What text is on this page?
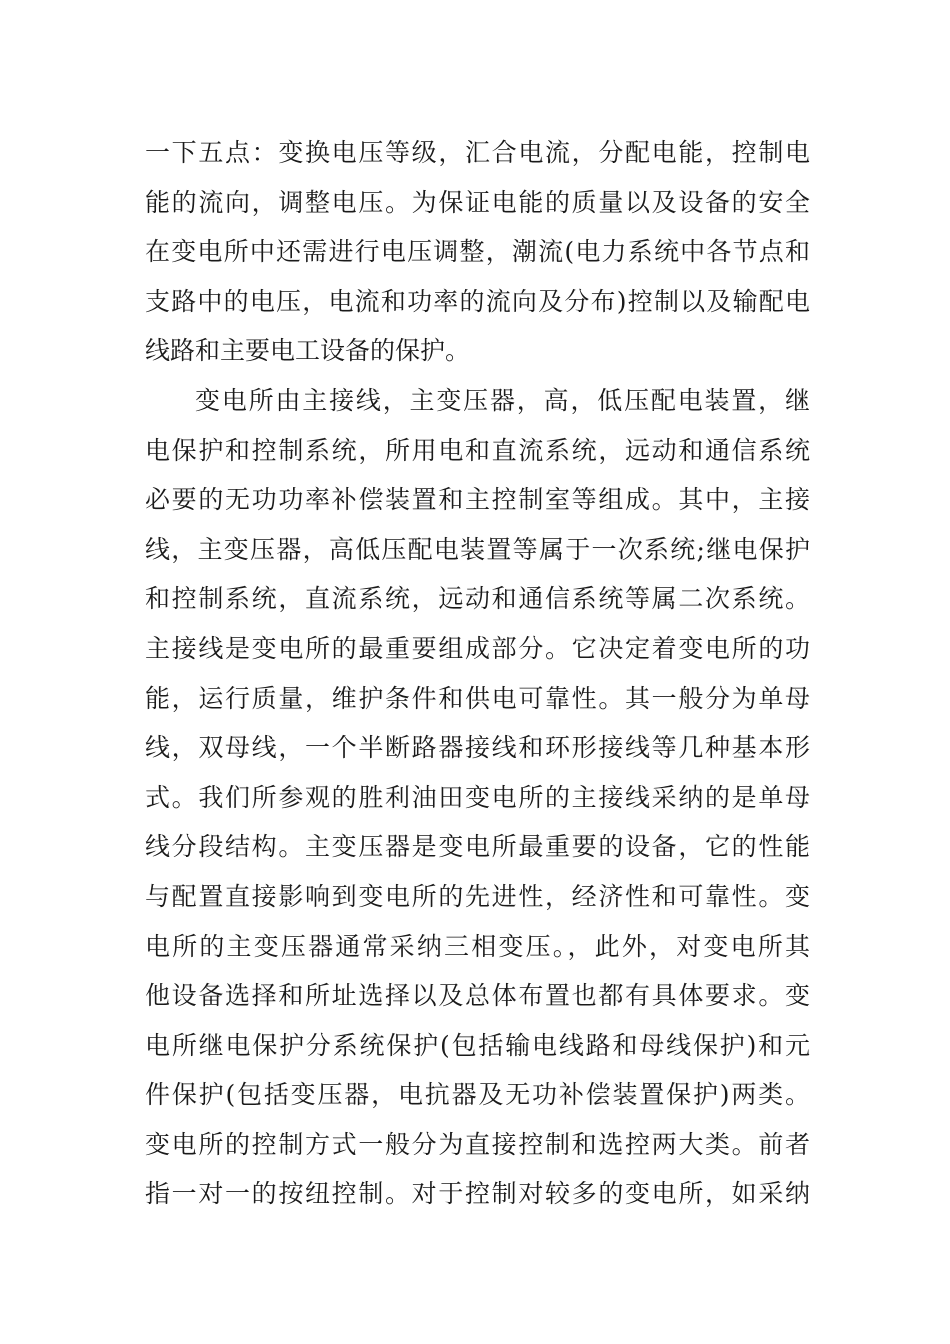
一下五点：变换电压等级，汇合电流，分配电能，控制电
能的流向，调整电压。为保证电能的质量以及设备的安全
在变电所中还需进行电压调整，潮流(电力系统中各节点和
支路中的电压，电流和功率的流向及分布)控制以及输配电
线路和主要电工设备的保护。
变电所由主接线，主变压器，高，低压配电装置，继
电保护和控制系统，所用电和直流系统，远动和通信系统
必要的无功功率补偿装置和主控制室等组成。其中，主接
线，主变压器，高低压配电装置等属于一次系统;继电保护
和控制系统，直流系统，远动和通信系统等属二次系统。
主接线是变电所的最重要组成部分。它决定着变电所的功
能，运行质量，维护条件和供电可靠性。其一般分为单母
线，双母线，一个半断路器接线和环形接线等几种基本形
式。我们所参观的胜利油田变电所的主接线采纳的是单母
线分段结构。主变压器是变电所最重要的设备，它的性能
与配置直接影响到变电所的先进性，经济性和可靠性。变
电所的主变压器通常采纳三相变压。，此外，对变电所其
他设备选择和所址选择以及总体布置也都有具体要求。变
电所继电保护分系统保护(包括输电线路和母线保护)和元
件保护(包括变压器，电抗器及无功补偿装置保护)两类。
变电所的控制方式一般分为直接控制和选控两大类。前者
指一对一的按纽控制。对于控制对较多的变电所，如采纳
